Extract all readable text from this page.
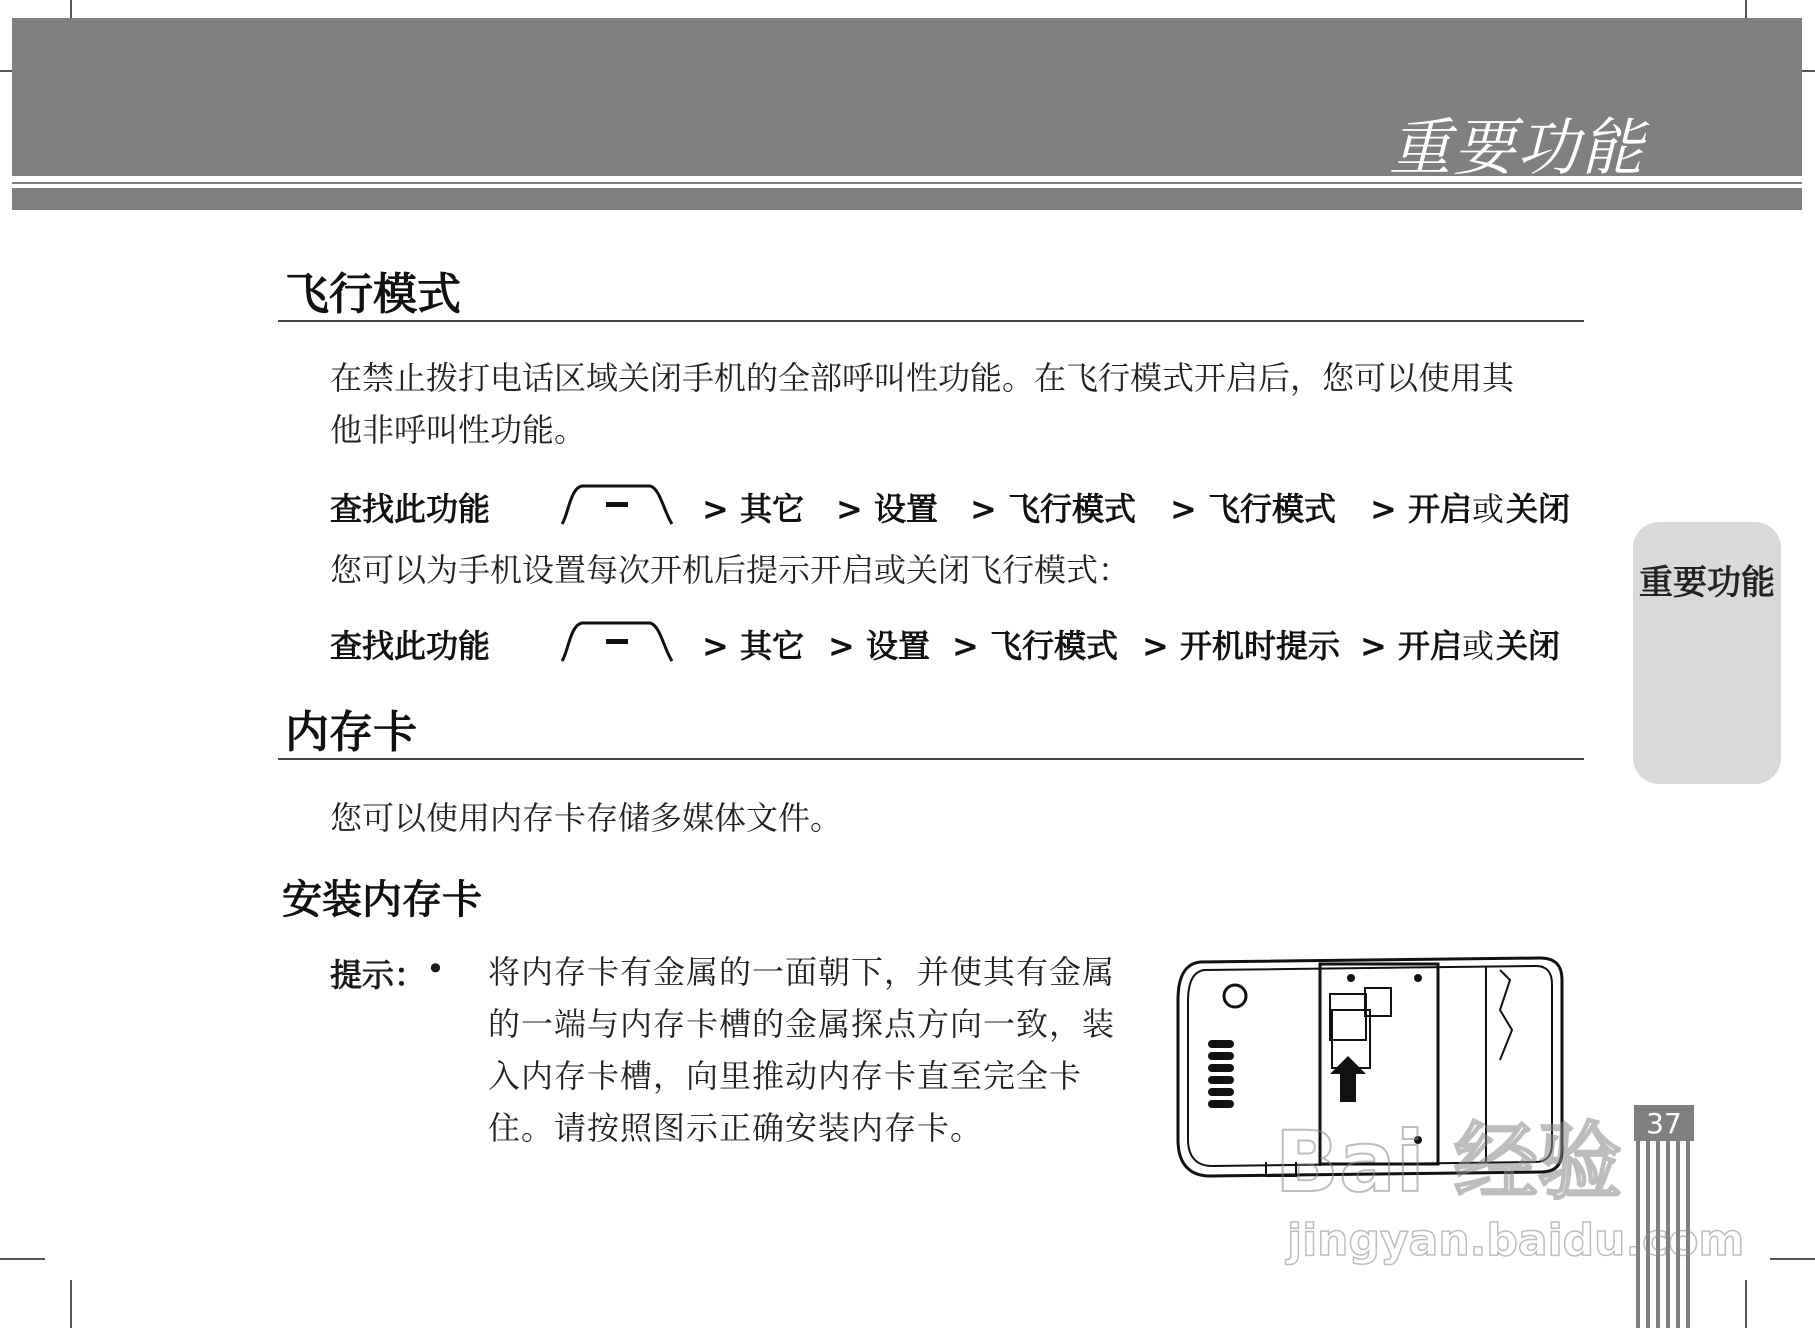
重要功能
飞行模式
在禁止拨打电话区域关闭手机的全部呼叫性功能。在飞行模式开启后，您可以使用其
他非呼叫性功能。
查找此功能	> 其它 > 设置 > 飞行模式 > 飞行模式 > 开启 或 关闭
您可以为手机设置每次开机后提示开启或关闭飞行模式：
查找此功能	> 其它 > 设置 > 飞行模式 > 开机时提示 > 开启 或 关闭
内存卡
您可以使用内存卡存储多媒体文件。
安装内存卡
提示： • 将内存卡有金属的一面朝下，并使其有金属的一端与内存卡槽的金属探点方向一致，装入内存卡槽，向里推动内存卡直至完全卡住。请按照图示正确安装内存卡。
重要功能
37
Bai 经验
jingyan.baidu.com
